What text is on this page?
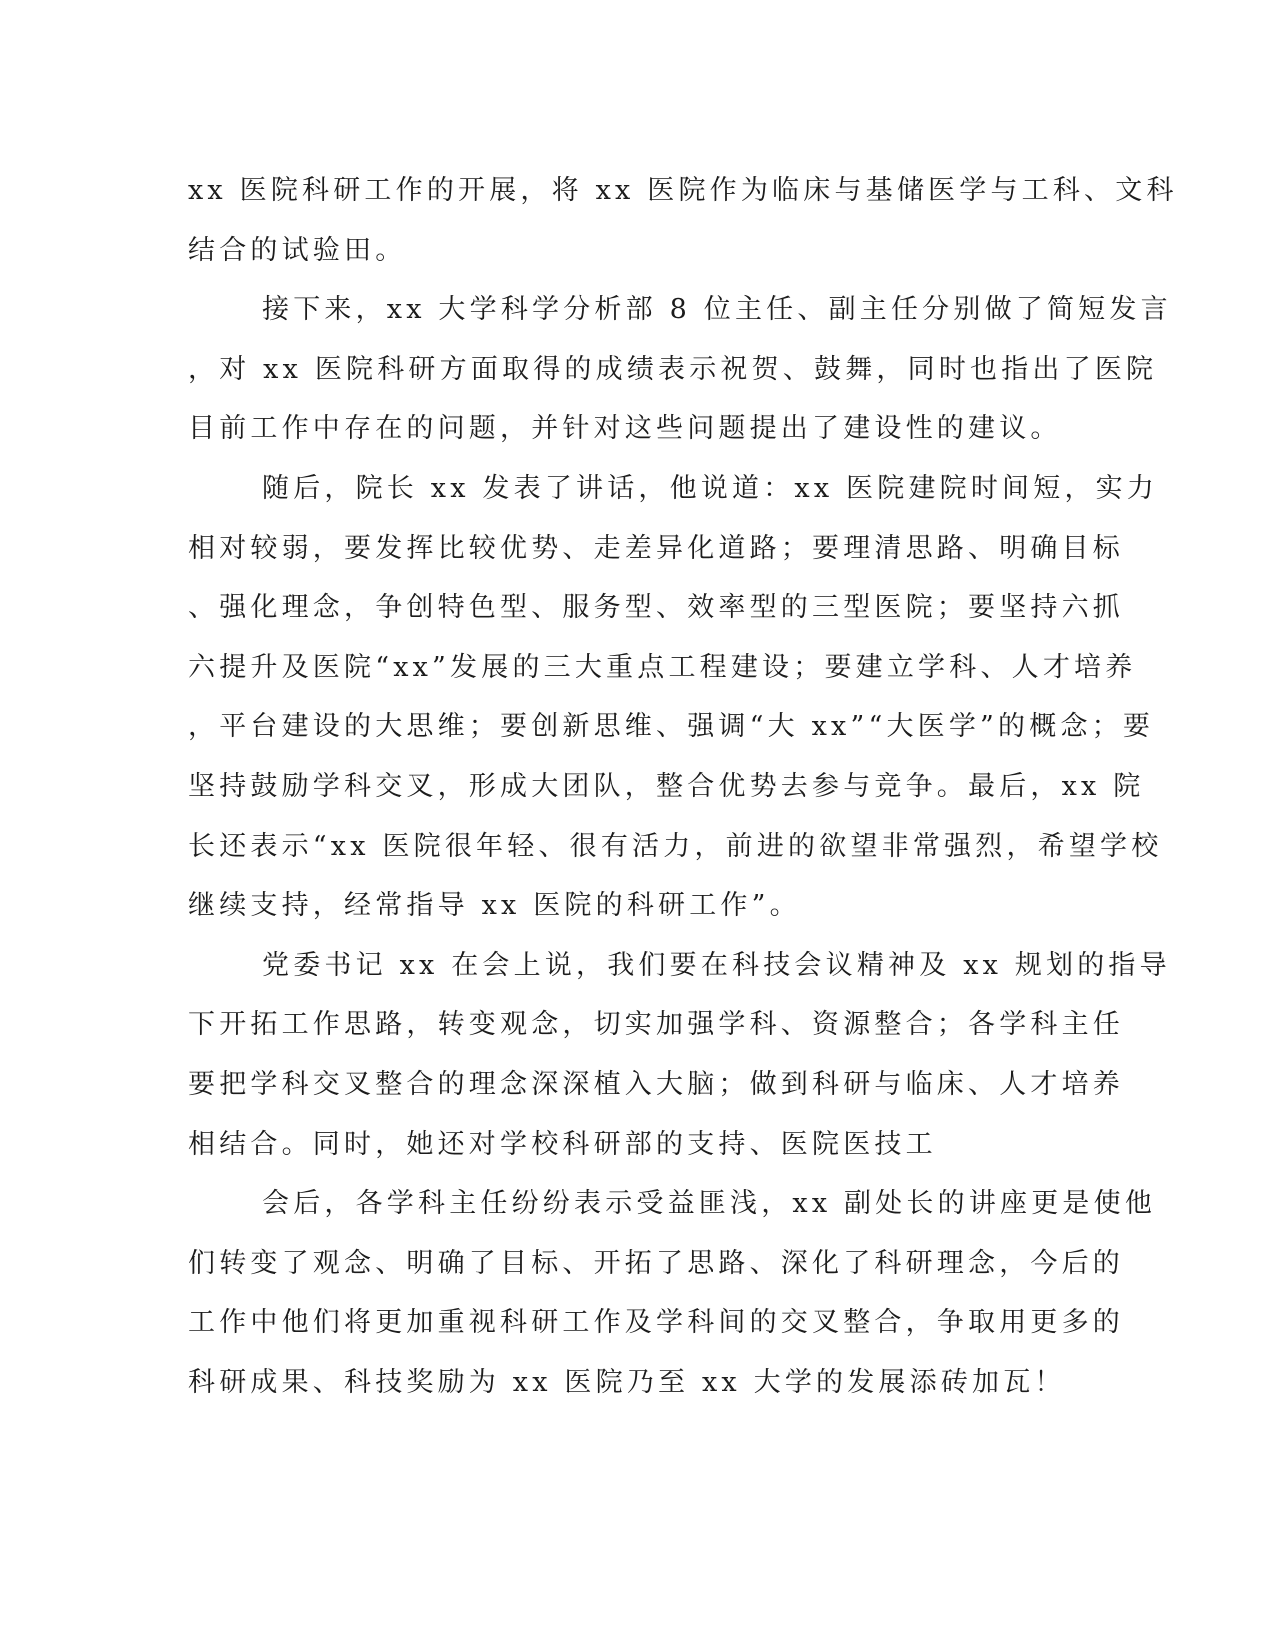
xx 医院科研工作的开展，将 xx 医院作为临床与基储医学与工科、文科
结合的试验田。
接下来，xx 大学科学分析部 8 位主任、副主任分别做了简短发言
，对 xx 医院科研方面取得的成绩表示祝贺、鼓舞，同时也指出了医院
目前工作中存在的问题，并针对这些问题提出了建设性的建议。
随后，院长 xx 发表了讲话，他说道：xx 医院建院时间短，实力
相对较弱，要发挥比较优势、走差异化道路；要理清思路、明确目标
、强化理念，争创特色型、服务型、效率型的三型医院；要坚持六抓
六提升及医院“xx”发展的三大重点工程建设；要建立学科、人才培养
，平台建设的大思维；要创新思维、强调“大 xx”“大医学”的概念；要
坚持鼓励学科交叉，形成大团队，整合优势去参与竞争。最后，xx 院
长还表示“xx 医院很年轻、很有活力，前进的欲望非常强烈，希望学校
继续支持，经常指导 xx 医院的科研工作”。
党委书记 xx 在会上说，我们要在科技会议精神及 xx 规划的指导
下开拓工作思路，转变观念，切实加强学科、资源整合；各学科主任
要把学科交叉整合的理念深深植入大脑；做到科研与临床、人才培养
相结合。同时，她还对学校科研部的支持、医院医技工
会后，各学科主任纷纷表示受益匪浅，xx 副处长的讲座更是使他
们转变了观念、明确了目标、开拓了思路、深化了科研理念，今后的
工作中他们将更加重视科研工作及学科间的交叉整合，争取用更多的
科研成果、科技奖励为 xx 医院乃至 xx 大学的发展添砖加瓦！
